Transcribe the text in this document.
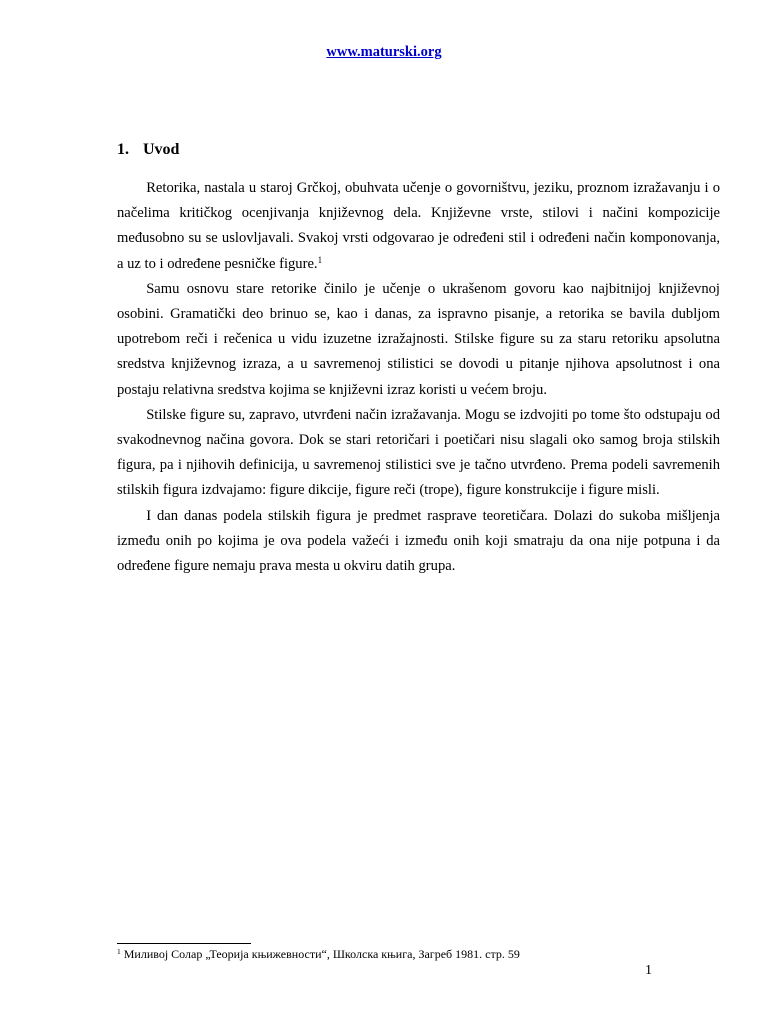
www.maturski.org
1. Uvod

Retorika, nastala u staroj Grčkoj, obuhvata učenje o govorništvu, jeziku, proznom izražavanju i o načelima kritičkog ocenjivanja književnog dela. Književne vrste, stilovi i načini kompozicije međusobno su se uslovljavali. Svakoj vrsti odgovarao je određeni stil i određeni način komponovanja, a uz to i određene pesničke figure.$^1$

Samu osnovu stare retorike činilo je učenje o ukrašenom govoru kao najbitnijoj književnoj osobini. Gramatički deo brinuo se, kao i danas, za ispravno pisanje, a retorika se bavila dubljom upotrebom reči i rečenica u vidu izuzetne izražajnosti. Stilske figure su za staru retoriku apsolutna sredstva književnog izraza, a u savremenoj stilistici se dovodi u pitanje njihova apsolutnost i ona postaju relativna sredstva kojima se književni izraz koristi u većem broju.

Stilske figure su, zapravo, utvrđeni način izražavanja. Mogu se izdvojiti po tome što odstupaju od svakodnevnog načina govora. Dok se stari retoričari i poetičari nisu slagali oko samog broja stilskih figura, pa i njihovih definicija, u savremenoj stilistici sve je tačno utvrđeno. Prema podeli savremenih stilskih figura izdvajamo: figure dikcije, figure reči (trope), figure konstrukcije i figure misli.

I dan danas podela stilskih figura je predmet rasprave teoretičara. Dolazi do sukoba mišljenja između onih po kojima je ova podela važeći i između onih koji smatraju da ona nije potpuna i da određene figure nemaju prava mesta u okviru datih grupa.

$^1$ Миливој Солар „Теорија књижевности“, Школска књига, Загреб 1981. стр. 59
1
